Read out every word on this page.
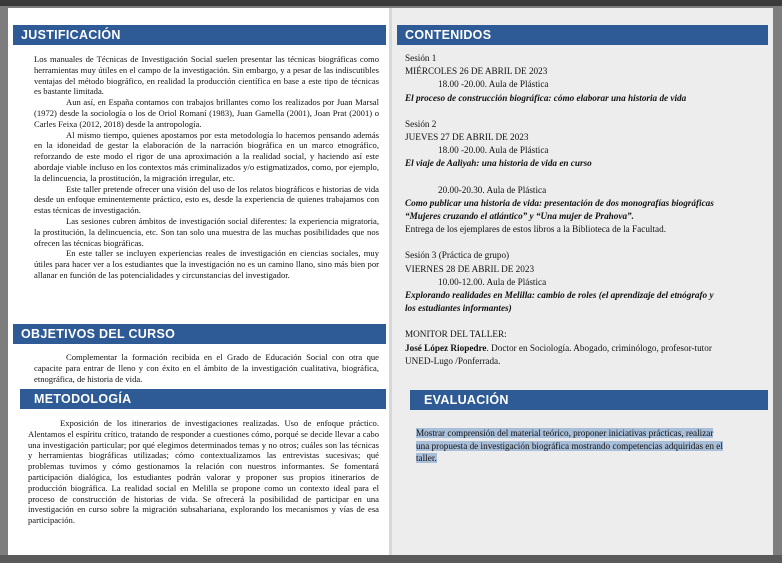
JUSTIFICACIÓN

Los manuales de Técnicas de Investigación Social suelen presentar las técnicas biográficas como herramientas muy útiles en el campo de la investigación. Sin embargo, y a pesar de las indiscutibles ventajas del método biográfico, en realidad la producción científica en base a este tipo de técnicas es bastante limitada.

Aun así, en España contamos con trabajos brillantes como los realizados por Juan Marsal (1972) desde la sociología o los de Oriol Romaní (1983), Juan Gamella (2001), Joan Prat (2001) o Carles Feixa (2012, 2018) desde la antropología.

Al mismo tiempo, quienes apostamos por esta metodología lo hacemos pensando además en la idoneidad de gestar la elaboración de la narración biográfica en un marco etnográfico, reforzando de este modo el rigor de una aproximación a la realidad social, y haciendo así este abordaje viable incluso en los contextos más criminalizados y/o estigmatizados, como, por ejemplo, la delincuencia, la prostitución, la migración irregular, etc.

Este taller pretende ofrecer una visión del uso de los relatos biográficos e historias de vida desde un enfoque eminentemente práctico, esto es, desde la experiencia de quienes trabajamos con estas técnicas de investigación.

Las sesiones cubren ámbitos de investigación social diferentes: la experiencia migratoria, la prostitución, la delincuencia, etc. Son tan solo una muestra de las muchas posibilidades que nos ofrecen las técnicas biográficas.

En este taller se incluyen experiencias reales de investigación en ciencias sociales, muy útiles para hacer ver a los estudiantes que la investigación no es un camino llano, sino más bien por allanar en función de las potencialidades y circunstancias del investigador.

OBJETIVOS DEL CURSO

Complementar la formación recibida en el Grado de Educación Social con otra que capacite para entrar de lleno y con éxito en el ámbito de la investigación cualitativa, biográfica, etnográfica, de historia de vida.

METODOLOGÍA

Exposición de los itinerarios de investigaciones realizadas. Uso de enfoque práctico. Alentamos el espíritu crítico, tratando de responder a cuestiones cómo, porqué se decide llevar a cabo una investigación particular; por qué elegimos determinados temas y no otros; cuáles son las técnicas y herramientas biográficas utilizadas; cómo contextualizamos las entrevistas sucesivas; qué problemas tuvimos y cómo gestionamos la relación con nuestros informantes. Se fomentará participación dialógica, los estudiantes podrán valorar y proponer sus propios itinerarios de producción biográfica. La realidad social en Melilla se propone como un contexto ideal para el proceso de construcción de historias de vida. Se ofrecerá la posibilidad de participar en una investigación en curso sobre la migración subsahariana, explorando los mecanismos y vías de esa participación.

CONTENIDOS
Sesión 1
MIÉRCOLES 26 DE ABRIL DE 2023
18.00 -20.00. Aula de Plástica
El proceso de construcción biográfica: cómo elaborar una historia de vida
Sesión 2
JUEVES 27 DE ABRIL DE 2023
18.00 -20.00. Aula de Plástica
El viaje de Aaliyah: una historia de vida en curso
20.00-20.30. Aula de Plástica
Como publicar una historia de vida: presentación de dos monografías biográficas
“Mujeres cruzando el atlántico” y “Una mujer de Prahova”.
Entrega de los ejemplares de estos libros a la Biblioteca de la Facultad.
Sesión 3 (Práctica de grupo)
VIERNES 28 DE ABRIL DE 2023
10.00-12.00. Aula de Plástica
Explorando realidades en Melilla: cambio de roles (el aprendizaje del etnógrafo y
los estudiantes informantes)
MONITOR DEL TALLER:
José López Riopedre. Doctor en Sociología. Abogado, criminólogo, profesor-tutor
UNED-Lugo /Ponferrada.
EVALUACIÓN
Mostrar comprensión del material teórico, proponer iniciativas prácticas, realizar
una propuesta de investigación biográfica mostrando competencias adquiridas en el
taller.
